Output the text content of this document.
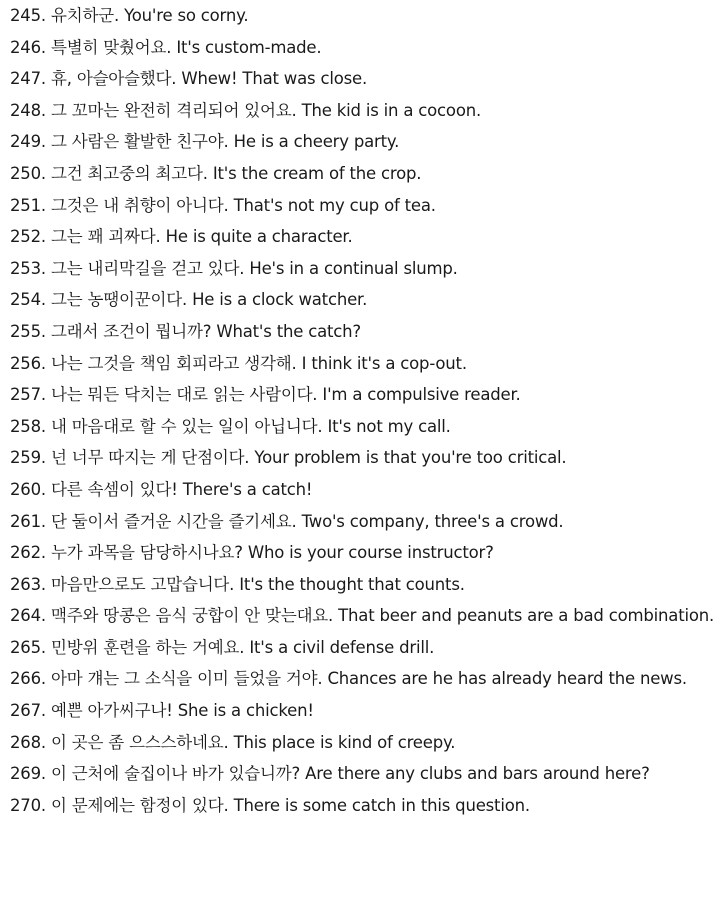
245. 유치하군. You're so corny.
246. 특별히 맞췄어요. It's custom-made.
247. 휴, 아슬아슬했다. Whew! That was close.
248. 그 꼬마는 완전히 격리되어 있어요. The kid is in a cocoon.
249. 그 사람은 활발한 친구야. He is a cheery party.
250. 그건 최고중의 최고다. It's the cream of the crop.
251. 그것은 내 취향이 아니다. That's not my cup of tea.
252. 그는 꽤 괴짜다. He is quite a character.
253. 그는 내리막길을 걷고 있다. He's in a continual slump.
254. 그는 농땡이꾼이다. He is a clock watcher.
255. 그래서 조건이 뭡니까? What's the catch?
256. 나는 그것을 책임 회피라고 생각해. I think it's a cop-out.
257. 나는 뭐든 닥치는 대로 읽는 사람이다. I'm a compulsive reader.
258. 내 마음대로 할 수 있는 일이 아닙니다. It's not my call.
259. 넌 너무 따지는 게 단점이다. Your problem is that you're too critical.
260. 다른 속셈이 있다! There's a catch!
261. 단 둘이서 즐거운 시간을 즐기세요. Two's company, three's a crowd.
262. 누가 과목을 담당하시나요? Who is your course instructor?
263. 마음만으로도 고맙습니다. It's the thought that counts.
264. 맥주와 땅콩은 음식 궁합이 안 맞는대요. That beer and peanuts are a bad combination.
265. 민방위 훈련을 하는 거예요. It's a civil defense drill.
266. 아마 걔는 그 소식을 이미 들었을 거야. Chances are he has already heard the news.
267. 예쁜 아가씨구나! She is a chicken!
268. 이 곳은 좀 으스스하네요. This place is kind of creepy.
269. 이 근처에 술집이나 바가 있습니까? Are there any clubs and bars around here?
270. 이 문제에는 함정이 있다. There is some catch in this question.
